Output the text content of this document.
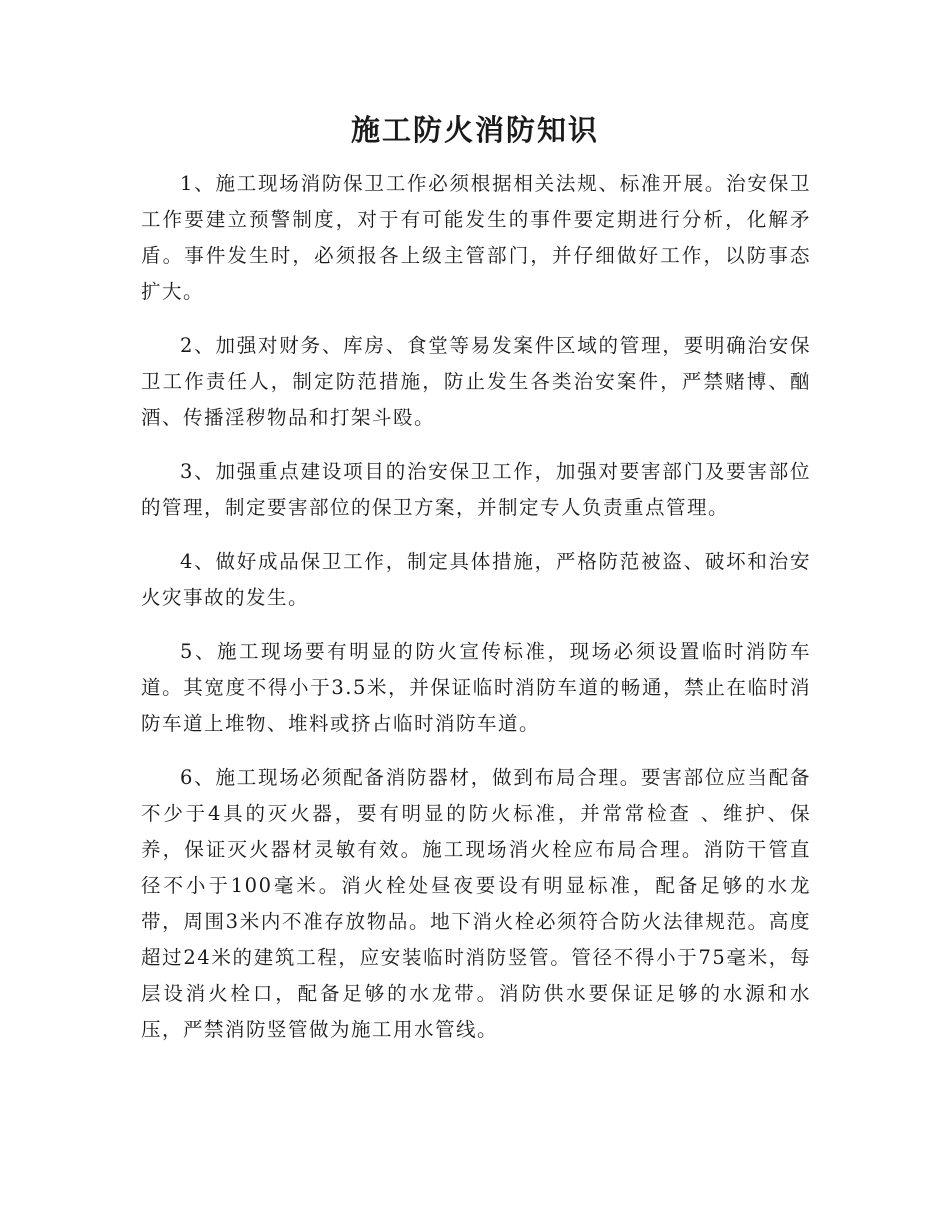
施工防火消防知识

1、施工现场消防保卫工作必须根据相关法规、标准开展。治安保卫工作要建立预警制度，对于有可能发生的事件要定期进行分析，化解矛盾。事件发生时，必须报各上级主管部门，并仔细做好工作，以防事态扩大。

2、加强对财务、库房、食堂等易发案件区域的管理，要明确治安保卫工作责任人，制定防范措施，防止发生各类治安案件，严禁赌博、酗酒、传播淫秽物品和打架斗殴。

3、加强重点建设项目的治安保卫工作，加强对要害部门及要害部位的管理，制定要害部位的保卫方案，并制定专人负责重点管理。

4、做好成品保卫工作，制定具体措施，严格防范被盗、破坏和治安火灾事故的发生。

5、施工现场要有明显的防火宣传标准，现场必须设置临时消防车道。其宽度不得小于3.5米，并保证临时消防车道的畅通，禁止在临时消防车道上堆物、堆料或挤占临时消防车道。

6、施工现场必须配备消防器材，做到布局合理。要害部位应当配备不少于4具的灭火器，要有明显的防火标准，并常常检查 、维护、保养，保证灭火器材灵敏有效。施工现场消火栓应布局合理。消防干管直径不小于100毫米。消火栓处昼夜要设有明显标准，配备足够的水龙带，周围3米内不准存放物品。地下消火栓必须符合防火法律规范。高度超过24米的建筑工程，应安装临时消防竖管。管径不得小于75毫米，每层设消火栓口，配备足够的水龙带。消防供水要保证足够的水源和水压，严禁消防竖管做为施工用水管线。
